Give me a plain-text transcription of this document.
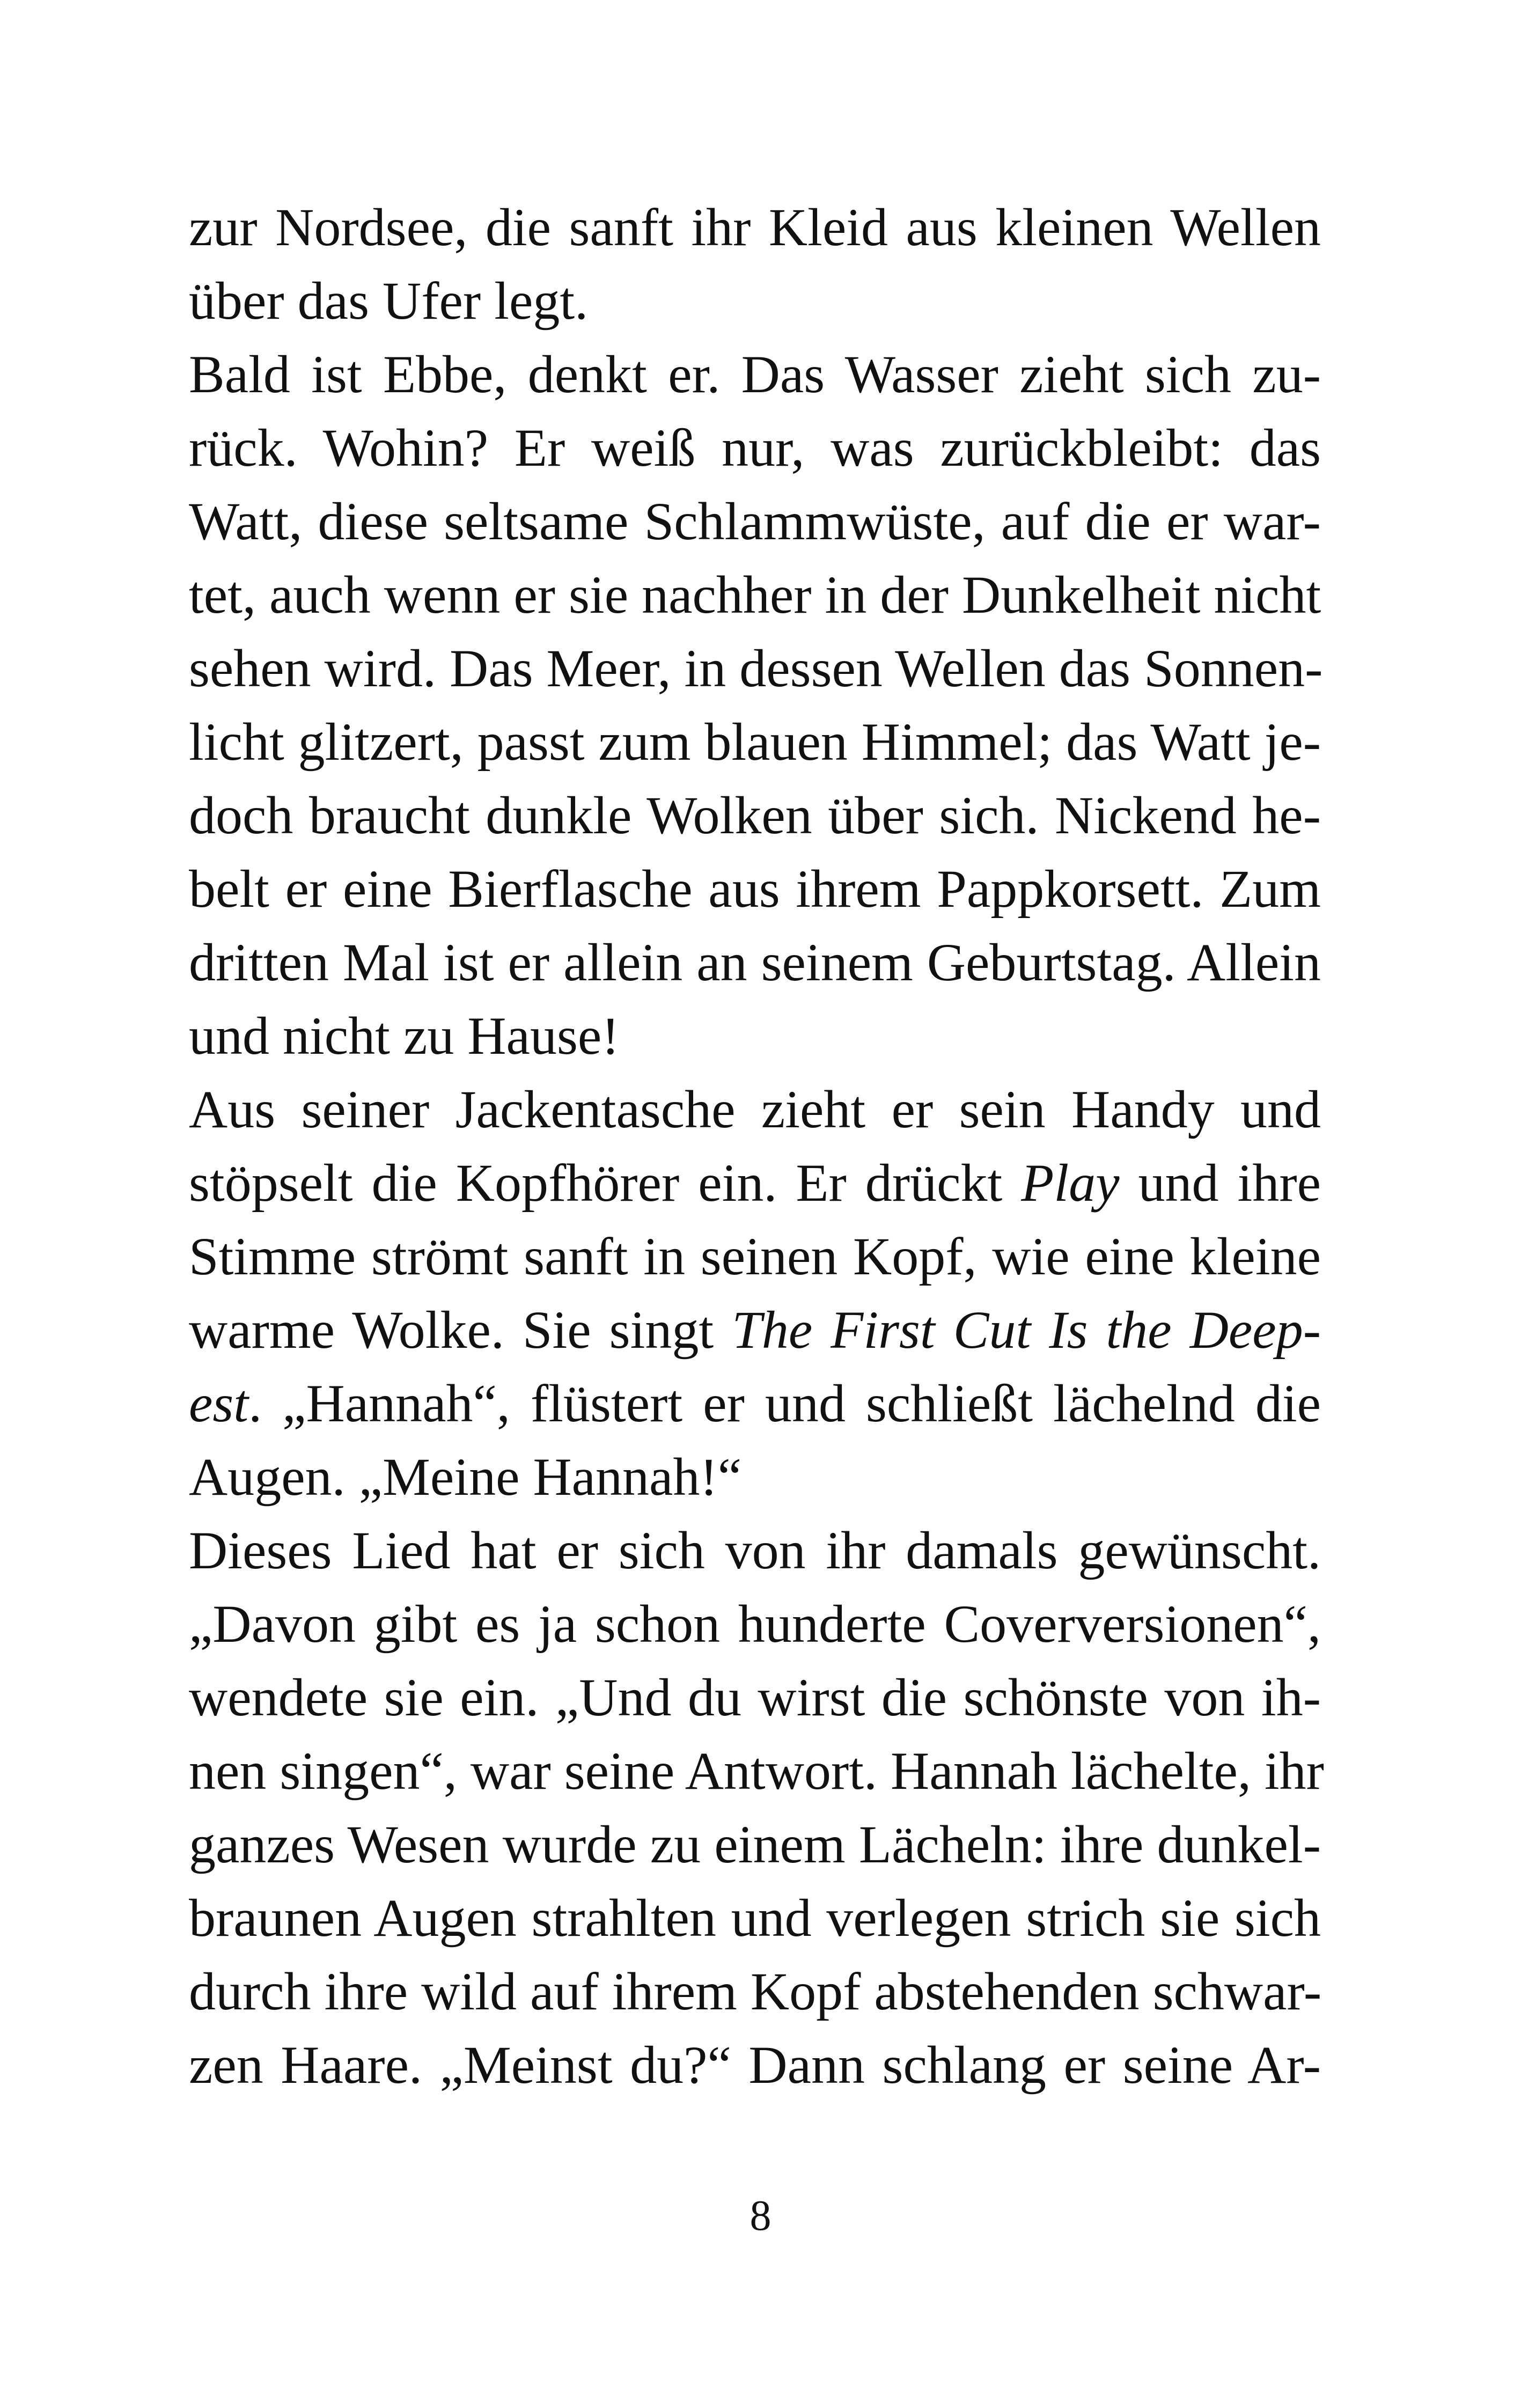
zur Nordsee, die sanft ihr Kleid aus kleinen Wellen
über das Ufer legt.
Bald ist Ebbe, denkt er. Das Wasser zieht sich zu-
rück. Wohin? Er weiß nur, was zurückbleibt: das
Watt, diese seltsame Schlammwüste, auf die er war-
tet, auch wenn er sie nachher in der Dunkelheit nicht
sehen wird. Das Meer, in dessen Wellen das Sonnen-
licht glitzert, passt zum blauen Himmel; das Watt je-
doch braucht dunkle Wolken über sich. Nickend he-
belt er eine Bierflasche aus ihrem Pappkorsett. Zum
dritten Mal ist er allein an seinem Geburtstag. Allein
und nicht zu Hause!
Aus seiner Jackentasche zieht er sein Handy und
stöpselt die Kopfhörer ein. Er drückt Play und ihre
Stimme strömt sanft in seinen Kopf, wie eine kleine
warme Wolke. Sie singt The First Cut Is the Deep-
est. „Hannah“, flüstert er und schließt lächelnd die
Augen. „Meine Hannah!“
Dieses Lied hat er sich von ihr damals gewünscht.
„Davon gibt es ja schon hunderte Coverversionen“,
wendete sie ein. „Und du wirst die schönste von ih-
nen singen“, war seine Antwort. Hannah lächelte, ihr
ganzes Wesen wurde zu einem Lächeln: ihre dunkel-
braunen Augen strahlten und verlegen strich sie sich
durch ihre wild auf ihrem Kopf abstehenden schwar-
zen Haare. „Meinst du?“ Dann schlang er seine Ar-
8
